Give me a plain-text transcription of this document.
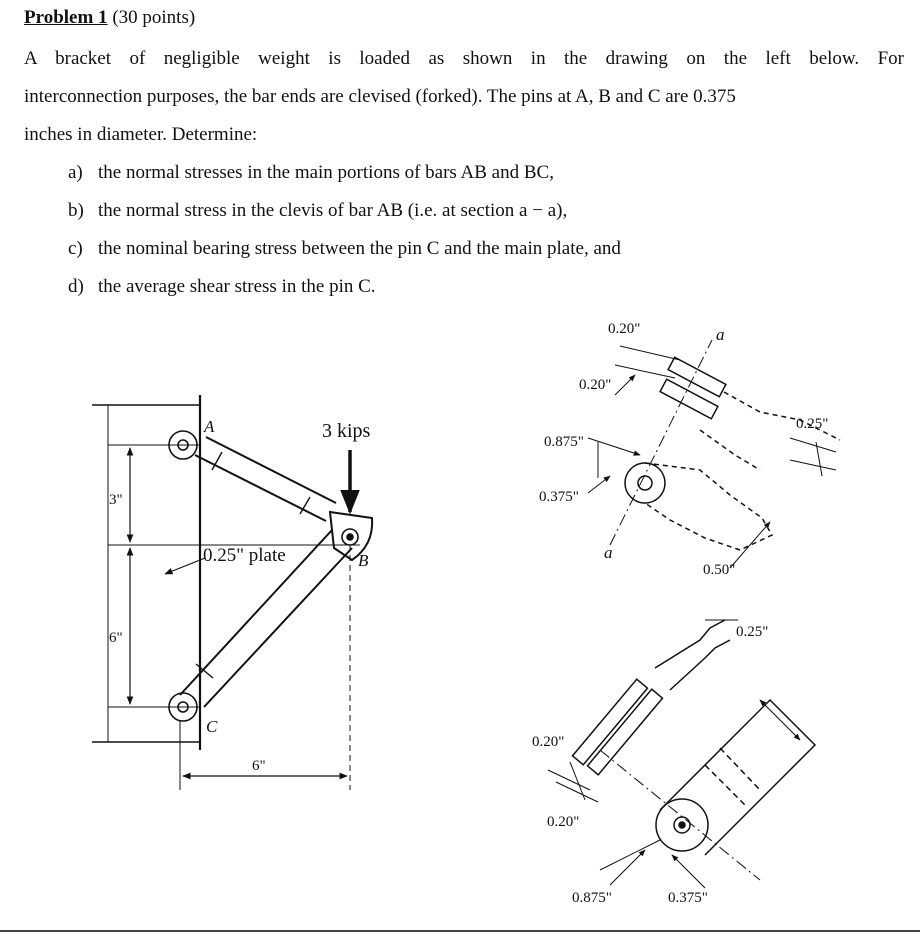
Problem 1 (30 points)
A bracket of negligible weight is loaded as shown in the drawing on the left below. For
interconnection purposes, the bar ends are clevised (forked). The pins at A, B and C are 0.375
inches in diameter. Determine:
a) the normal stresses in the main portions of bars AB and BC,
b) the normal stress in the clevis of bar AB (i.e. at section a − a),
c) the nominal bearing stress between the pin C and the main plate, and
d) the average shear stress in the pin C.
A
B
C
3 kips
0.25" plate
3"
6"
6"
0.20"
0.20"
0.875"
0.375"
a
a
0.25"
0.50"
0.25"
0.20"
0.20"
0.875"	0.375"
